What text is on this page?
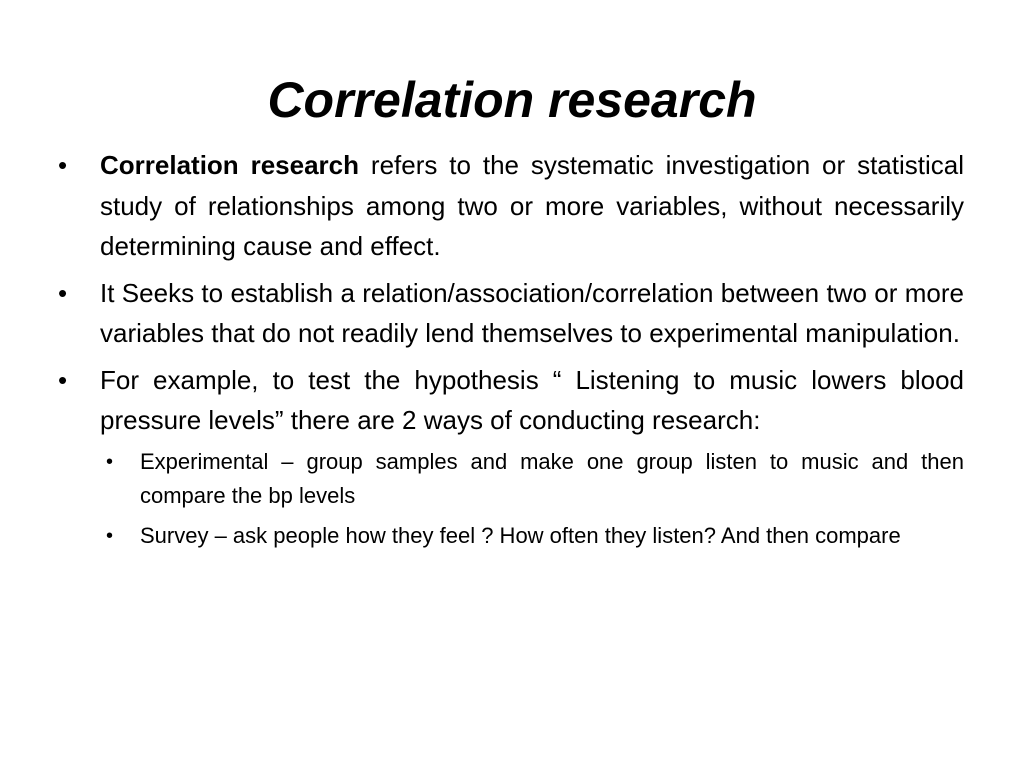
Correlation research
•	Correlation research refers to the systematic investigation or statistical study of relationships among two or more variables, without necessarily determining cause and effect.
•	It Seeks to establish a relation/association/correlation between two or more variables that do not readily lend themselves to experimental manipulation.
•	For example, to test the hypothesis “ Listening to music lowers blood pressure levels” there are 2 ways of conducting research:
• Experimental – group samples and make one group listen to music and then compare the bp levels
• Survey – ask people how they feel ? How often they listen? And then compare
